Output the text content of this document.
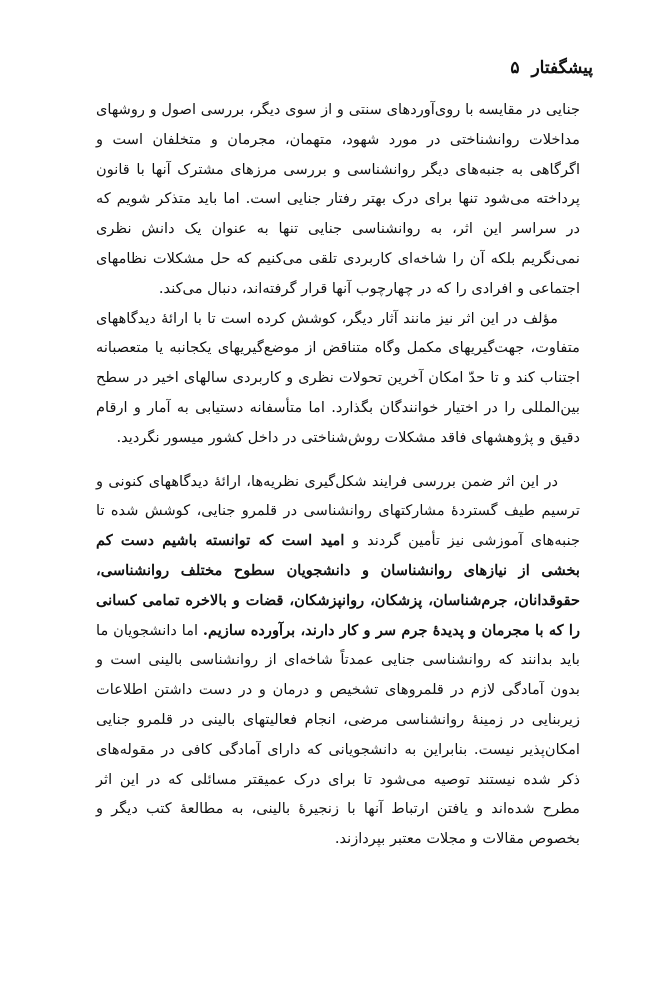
پیشگفتار
۵

جنایی در مقایسه با روی‌آوردهای سنتی و از سوی دیگر، بررسی اصول و روشهای مداخلات روانشناختی در مورد شهود، متهمان، مجرمان و متخلفان است و اگرگاهی به جنبه‌های دیگر روانشناسی و بررسی مرزهای مشترک آنها با قانون پرداخته می‌شود تنها برای درک بهتر رفتار جنایی است. اما باید متذکر شویم که در سراسر این اثر، به روانشناسی جنایی تنها به عنوان یک دانش نظری نمی‌نگریم بلکه آن را شاخه‌ای کاربردی تلقی می‌کنیم که حل مشکلات نظامهای اجتماعی و افرادی را که در چهارچوب آنها قرار گرفته‌اند، دنبال می‌کند.

مؤلف در این اثر نیز مانند آثار دیگر، کوشش کرده است تا با ارائهٔ دیدگاههای متفاوت، جهت‌گیریهای مکمل وگاه متناقض از موضع‌گیریهای یکجانبه یا متعصبانه اجتناب کند و تا حدّ امکان آخرین تحولات نظری و کاربردی سالهای اخیر در سطح بین‌المللی را در اختیار خوانندگان بگذارد. اما متأسفانه دستیابی به آمار و ارقام دقیق و پژوهشهای فاقد مشکلات روش‌شناختی در داخل کشور میسور نگردید.

در این اثر ضمن بررسی فرایند شکل‌گیری نظریه‌ها، ارائهٔ دیدگاههای کنونی و ترسیم طیف گستردهٔ مشارکتهای روانشناسی در قلمرو جنایی، کوشش شده تا جنبه‌های آموزشی نیز تأمین گردند و امید است که توانسته باشیم دست کم بخشی از نیازهای روانشناسان و دانشجویان سطوح مختلف روانشناسی، حقوقدانان، جرم‌شناسان، پزشکان، روانپزشکان، قضات و بالاخره تمامی کسانی را که با مجرمان و پدیدهٔ جرم سر و کار دارند، برآورده سازیم. اما دانشجویان ما باید بدانند که روانشناسی جنایی عمدتاً شاخه‌ای از روانشناسی بالینی است و بدون آمادگی لازم در قلمروهای تشخیص و درمان و در دست داشتن اطلاعات زیربنایی در زمینهٔ روانشناسی مرضی، انجام فعالیتهای بالینی در قلمرو جنایی امکان‌پذیر نیست. بنابراین به دانشجویانی که دارای آمادگی کافی در مقوله‌های ذکر شده نیستند توصیه می‌شود تا برای درک عمیقتر مسائلی که در این اثر مطرح شده‌اند و یافتن ارتباط آنها با زنجیرهٔ بالینی، به مطالعهٔ کتب دیگر و بخصوص مقالات و مجلات معتبر بپردازند.
